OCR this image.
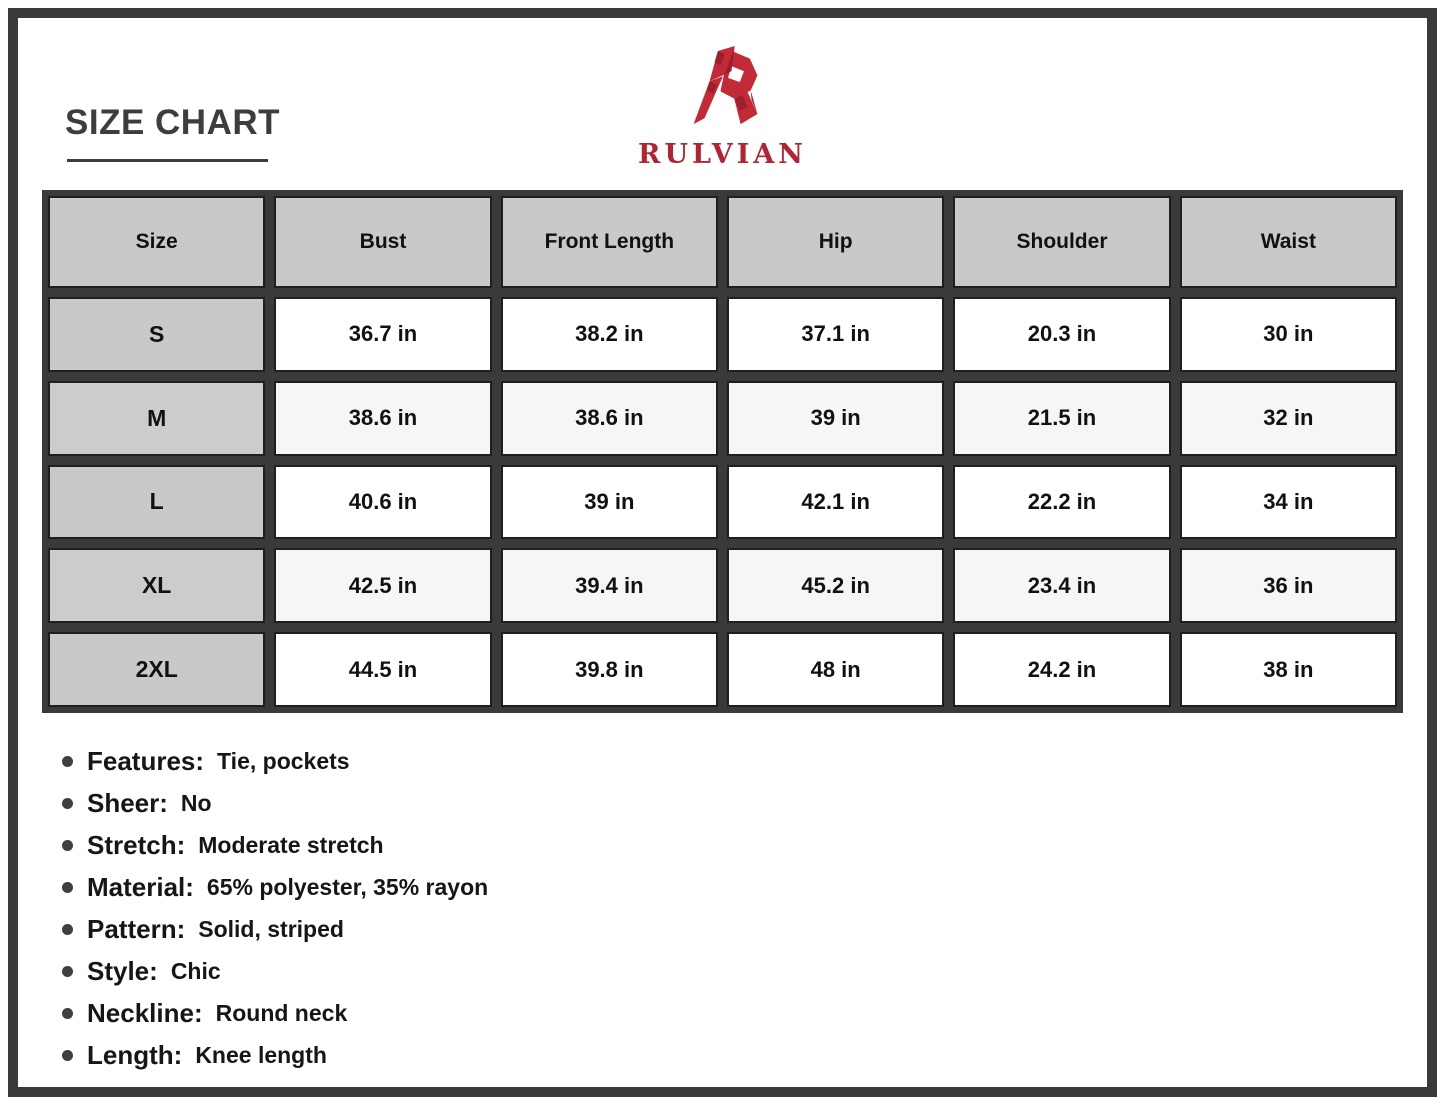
SIZE CHART
RULVIAN
Size	Bust	Front Length	Hip	Shoulder	Waist
S	36.7 in	38.2 in	37.1 in	20.3 in	30 in
M	38.6 in	38.6 in	39 in	21.5 in	32 in
L	40.6 in	39 in	42.1 in	22.2 in	34 in
XL	42.5 in	39.4 in	45.2 in	23.4 in	36 in
2XL	44.5 in	39.8 in	48 in	24.2 in	38 in
Features: Tie, pockets
Sheer: No
Stretch: Moderate stretch
Material: 65% polyester, 35% rayon
Pattern: Solid, striped
Style: Chic
Neckline: Round neck
Length: Knee length
